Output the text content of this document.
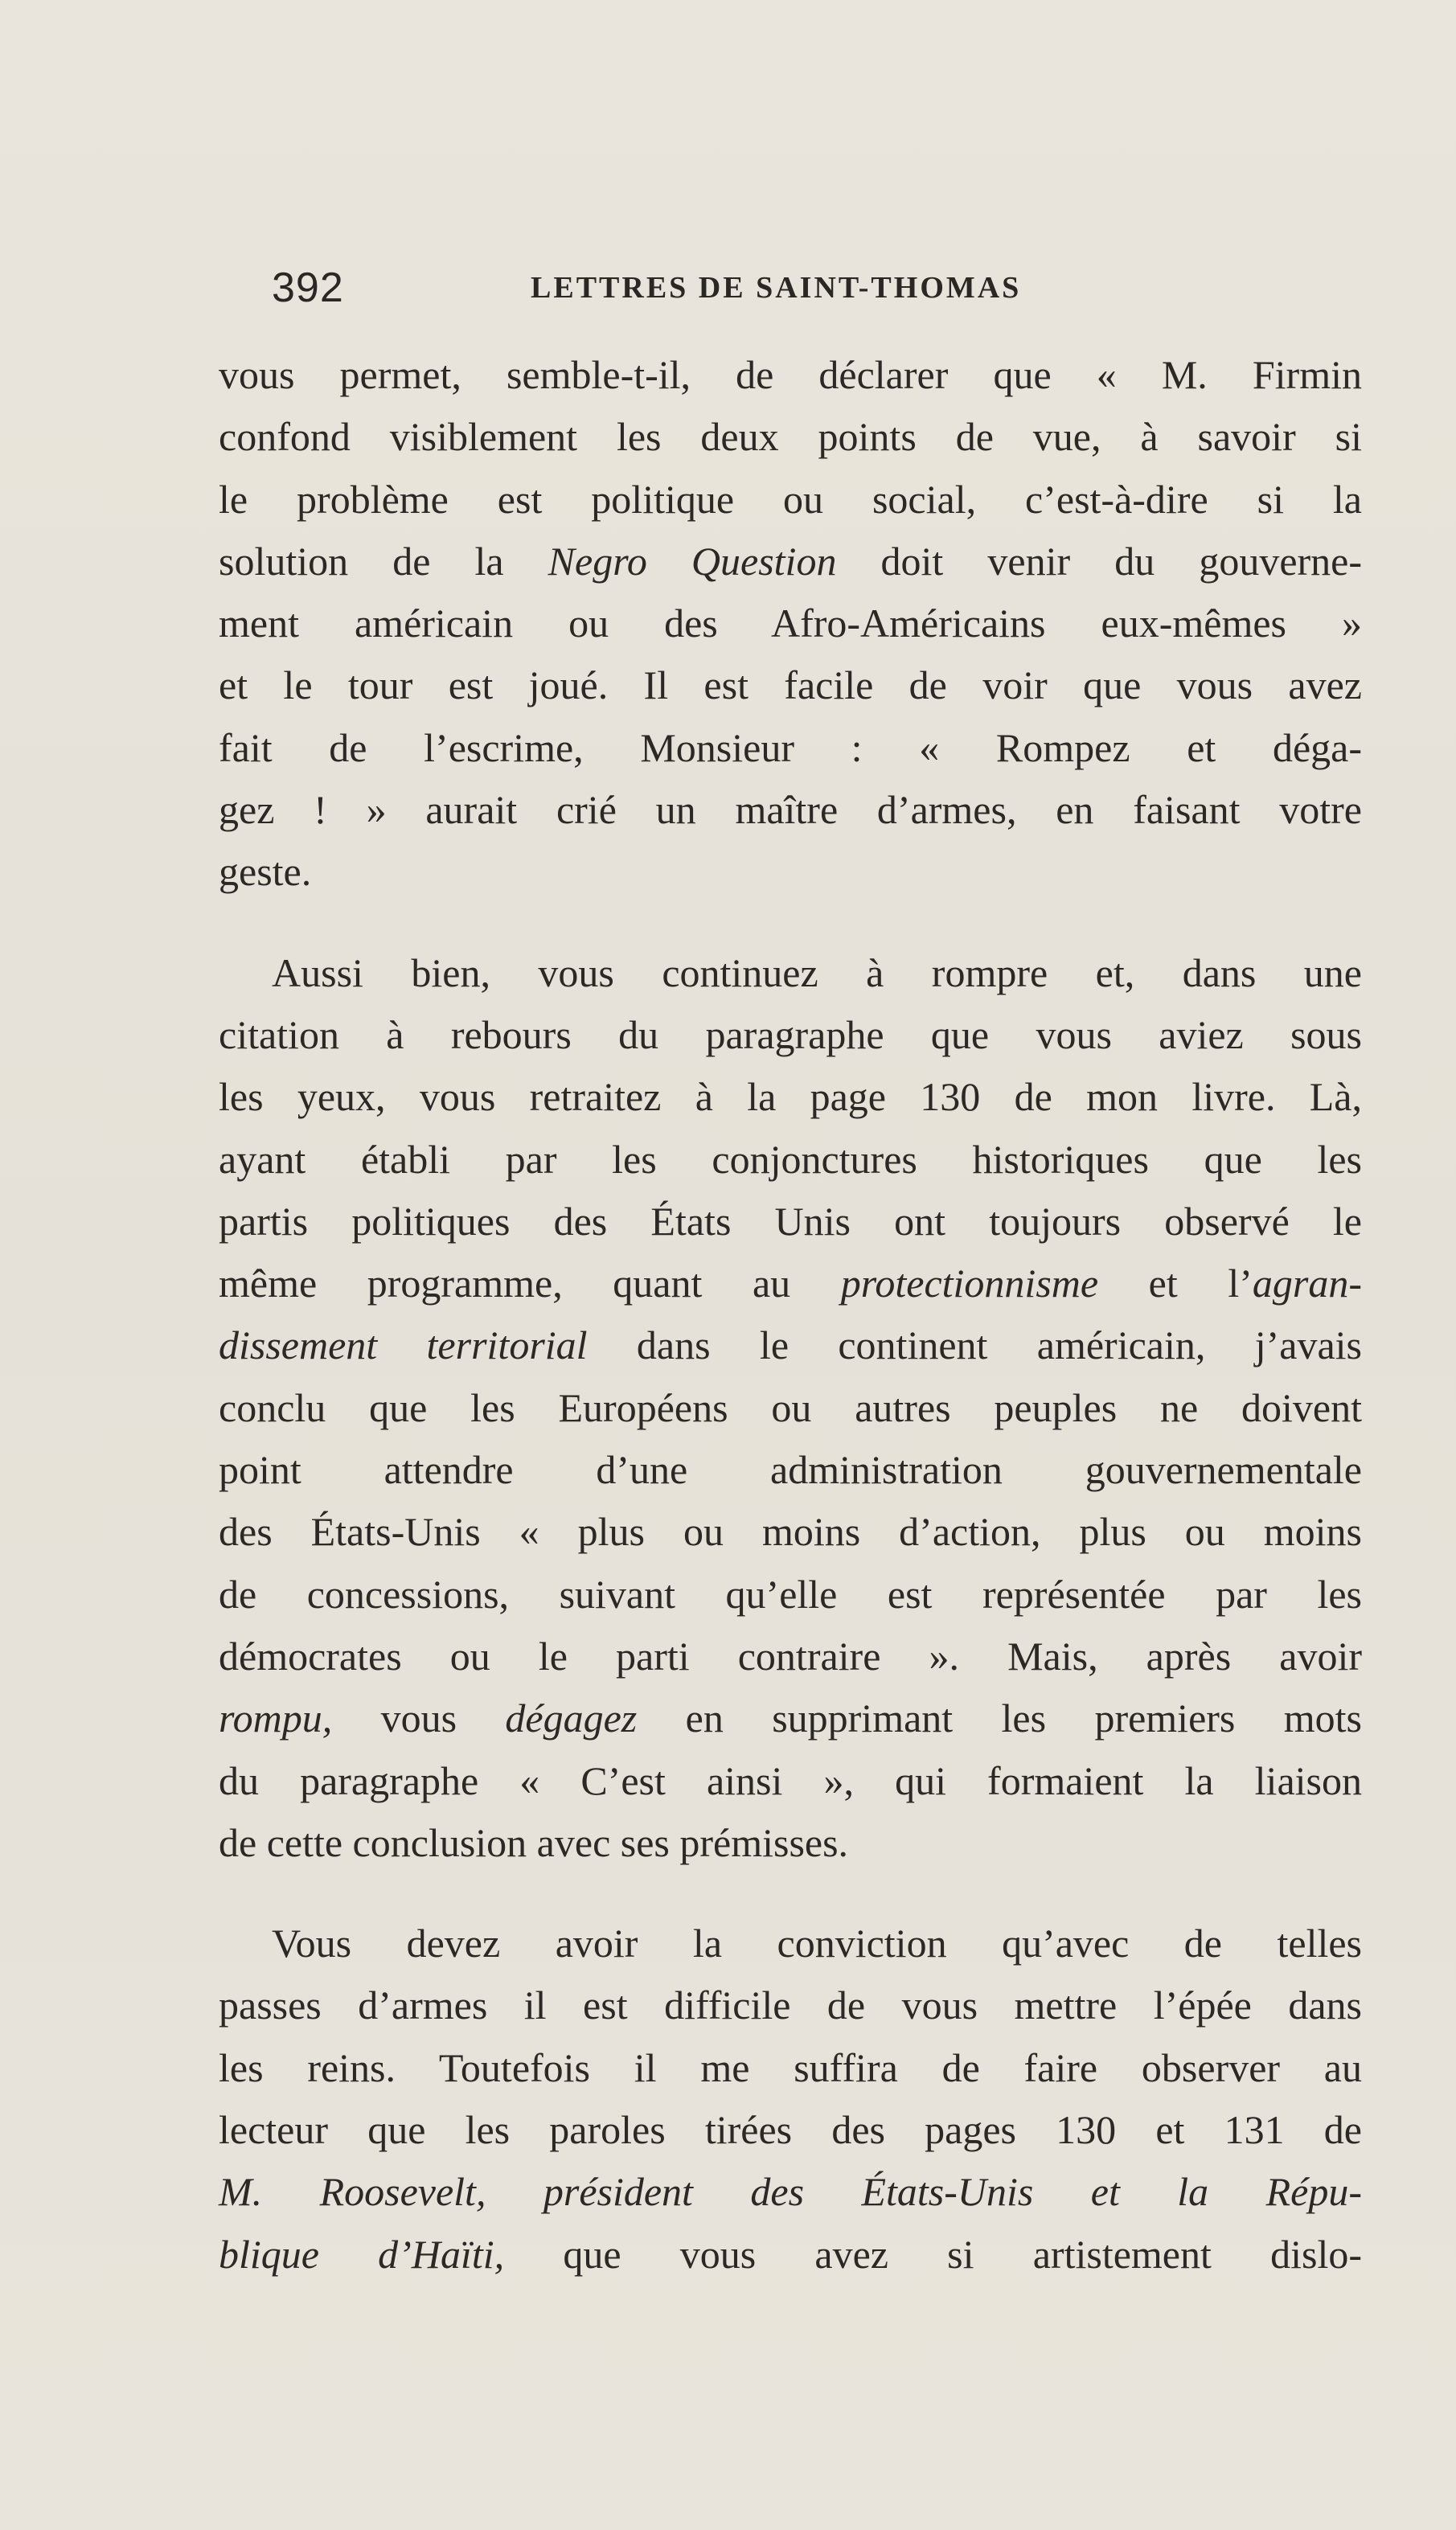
392	LETTRES DE SAINT-THOMAS

vous permet, semble-t-il, de déclarer que « M. Firmin
confond visiblement les deux points de vue, à savoir si
le problème est politique ou social, c’est-à-dire si la
solution de la Negro Question doit venir du gouverne-
ment américain ou des Afro-Américains eux-mêmes »
et le tour est joué. Il est facile de voir que vous avez
fait de l’escrime, Monsieur : « Rompez et déga-
gez ! » aurait crié un maître d’armes, en faisant votre
geste.

Aussi bien, vous continuez à rompre et, dans une
citation à rebours du paragraphe que vous aviez sous
les yeux, vous retraitez à la page 130 de mon livre. Là,
ayant établi par les conjonctures historiques que les
partis politiques des États Unis ont toujours observé le
même programme, quant au protectionnisme et l’agran-
dissement territorial dans le continent américain, j’avais
conclu que les Européens ou autres peuples ne doivent
point attendre d’une administration gouvernementale
des États-Unis « plus ou moins d’action, plus ou moins
de concessions, suivant qu’elle est représentée par les
démocrates ou le parti contraire ». Mais, après avoir
rompu, vous dégagez en supprimant les premiers mots
du paragraphe « C’est ainsi », qui formaient la liaison
de cette conclusion avec ses prémisses.

Vous devez avoir la conviction qu’avec de telles
passes d’armes il est difficile de vous mettre l’épée dans
les reins. Toutefois il me suffira de faire observer au
lecteur que les paroles tirées des pages 130 et 131 de
M. Roosevelt, président des États-Unis et la Répu-
blique d’Haïti, que vous avez si artistement dislo-
